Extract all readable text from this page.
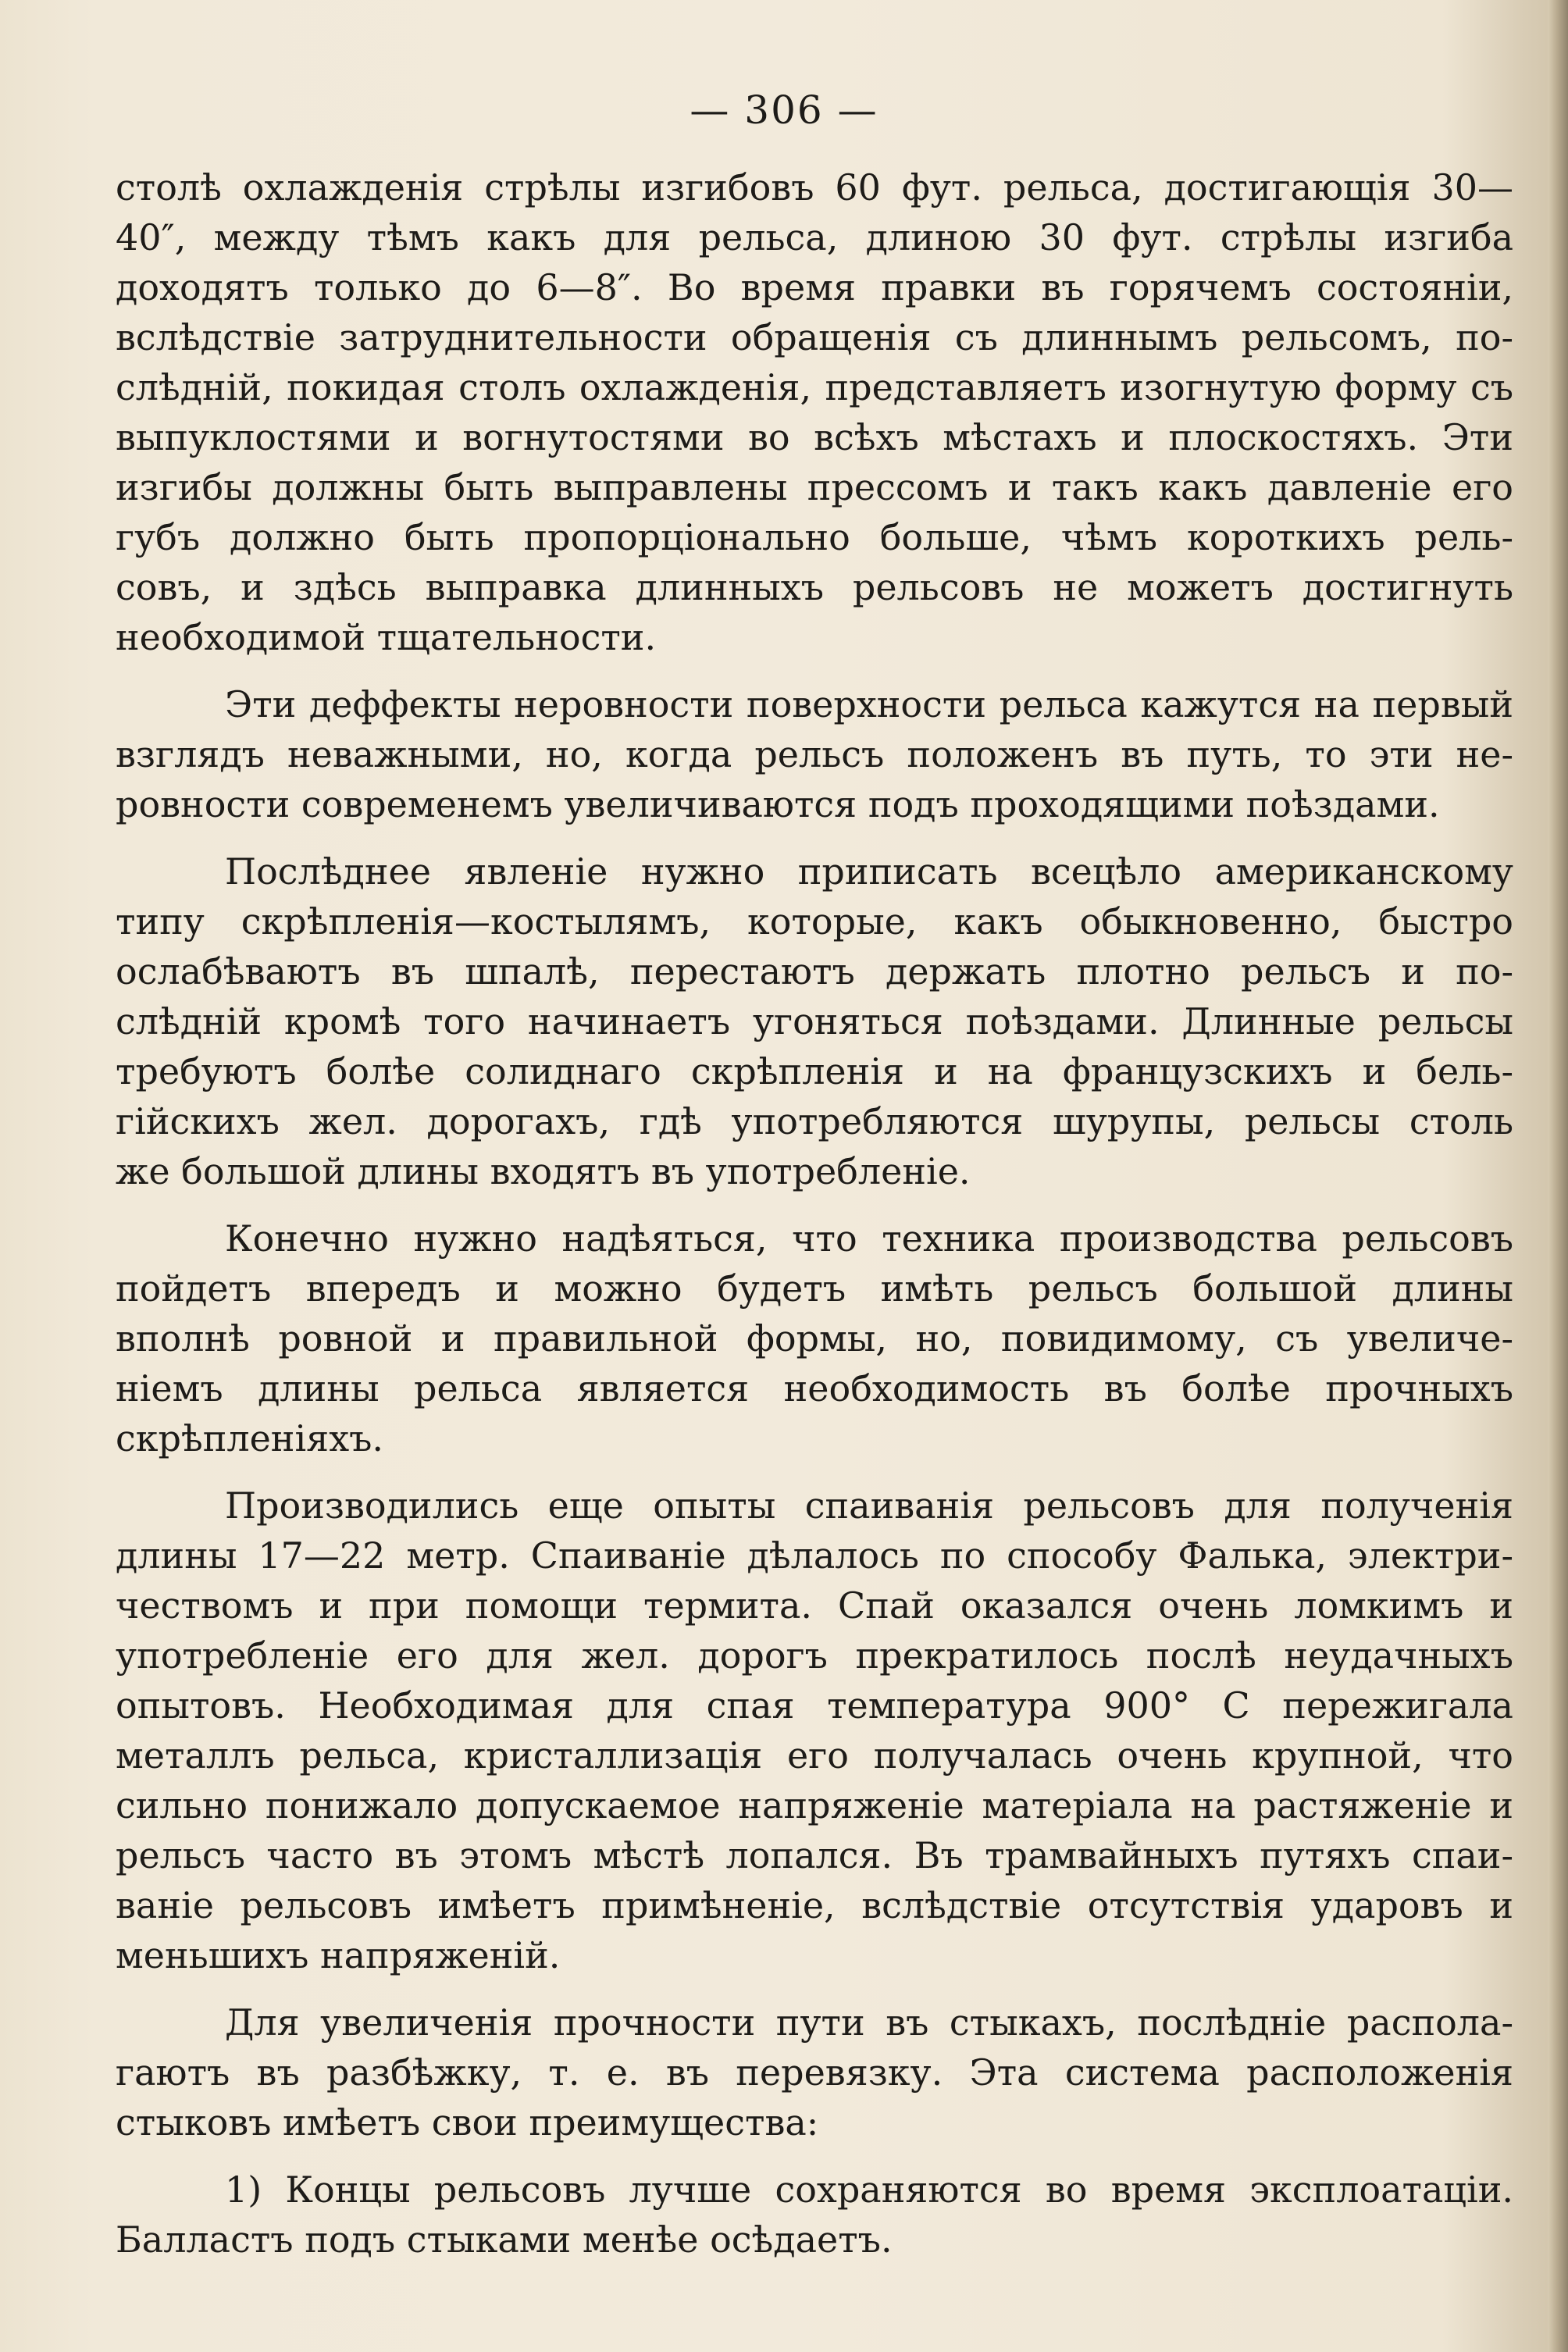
— 306 —
столѣ охлажденія стрѣлы изгибовъ 60 фут. рельса, достигающія 30—
40″, между тѣмъ какъ для рельса, длиною 30 фут. стрѣлы изгиба
доходятъ только до 6—8″. Во время правки въ горячемъ состояніи,
вслѣдствіе затруднительности обращенія съ длиннымъ рельсомъ, по-
слѣдній, покидая столъ охлажденія, представляетъ изогнутую форму съ
выпуклостями и вогнутостями во всѣхъ мѣстахъ и плоскостяхъ. Эти
изгибы должны быть выправлены прессомъ и такъ какъ давленіе его
губъ должно быть пропорціонально больше, чѣмъ короткихъ рель-
совъ, и здѣсь выправка длинныхъ рельсовъ не можетъ достигнуть
необходимой тщательности.
Эти деффекты неровности поверхности рельса кажутся на первый
взглядъ неважными, но, когда рельсъ положенъ въ путь, то эти не-
ровности современемъ увеличиваются подъ проходящими поѣздами.
Послѣднее явленіе нужно приписать всецѣло американскому
типу скрѣпленія—костылямъ, которые, какъ обыкновенно, быстро
ослабѣваютъ въ шпалѣ, перестаютъ держать плотно рельсъ и по-
слѣдній кромѣ того начинаетъ угоняться поѣздами. Длинные рельсы
требуютъ болѣе солиднаго скрѣпленія и на французскихъ и бель-
гійскихъ жел. дорогахъ, гдѣ употребляются шурупы, рельсы столь
же большой длины входятъ въ употребленіе.
Конечно нужно надѣяться, что техника производства рельсовъ
пойдетъ впередъ и можно будетъ имѣть рельсъ большой длины
вполнѣ ровной и правильной формы, но, повидимому, съ увеличе-
ніемъ длины рельса является необходимость въ болѣе прочныхъ
скрѣпленіяхъ.
Производились еще опыты спаиванія рельсовъ для полученія
длины 17—22 метр. Спаиваніе дѣлалось по способу Фалька, электри-
чествомъ и при помощи термита. Спай оказался очень ломкимъ и
употребленіе его для жел. дорогъ прекратилось послѣ неудачныхъ
опытовъ. Необходимая для спая температура 900° C пережигала
металлъ рельса, кристаллизація его получалась очень крупной, что
сильно понижало допускаемое напряженіе матеріала на растяженіе и
рельсъ часто въ этомъ мѣстѣ лопался. Въ трамвайныхъ путяхъ спаи-
ваніе рельсовъ имѣетъ примѣненіе, вслѣдствіе отсутствія ударовъ и
меньшихъ напряженій.
Для увеличенія прочности пути въ стыкахъ, послѣдніе распола-
гаютъ въ разбѣжку, т. е. въ перевязку. Эта система расположенія
стыковъ имѣетъ свои преимущества:
1) Концы рельсовъ лучше сохраняются во время эксплоатаціи.
Балластъ подъ стыками менѣе осѣдаетъ.
